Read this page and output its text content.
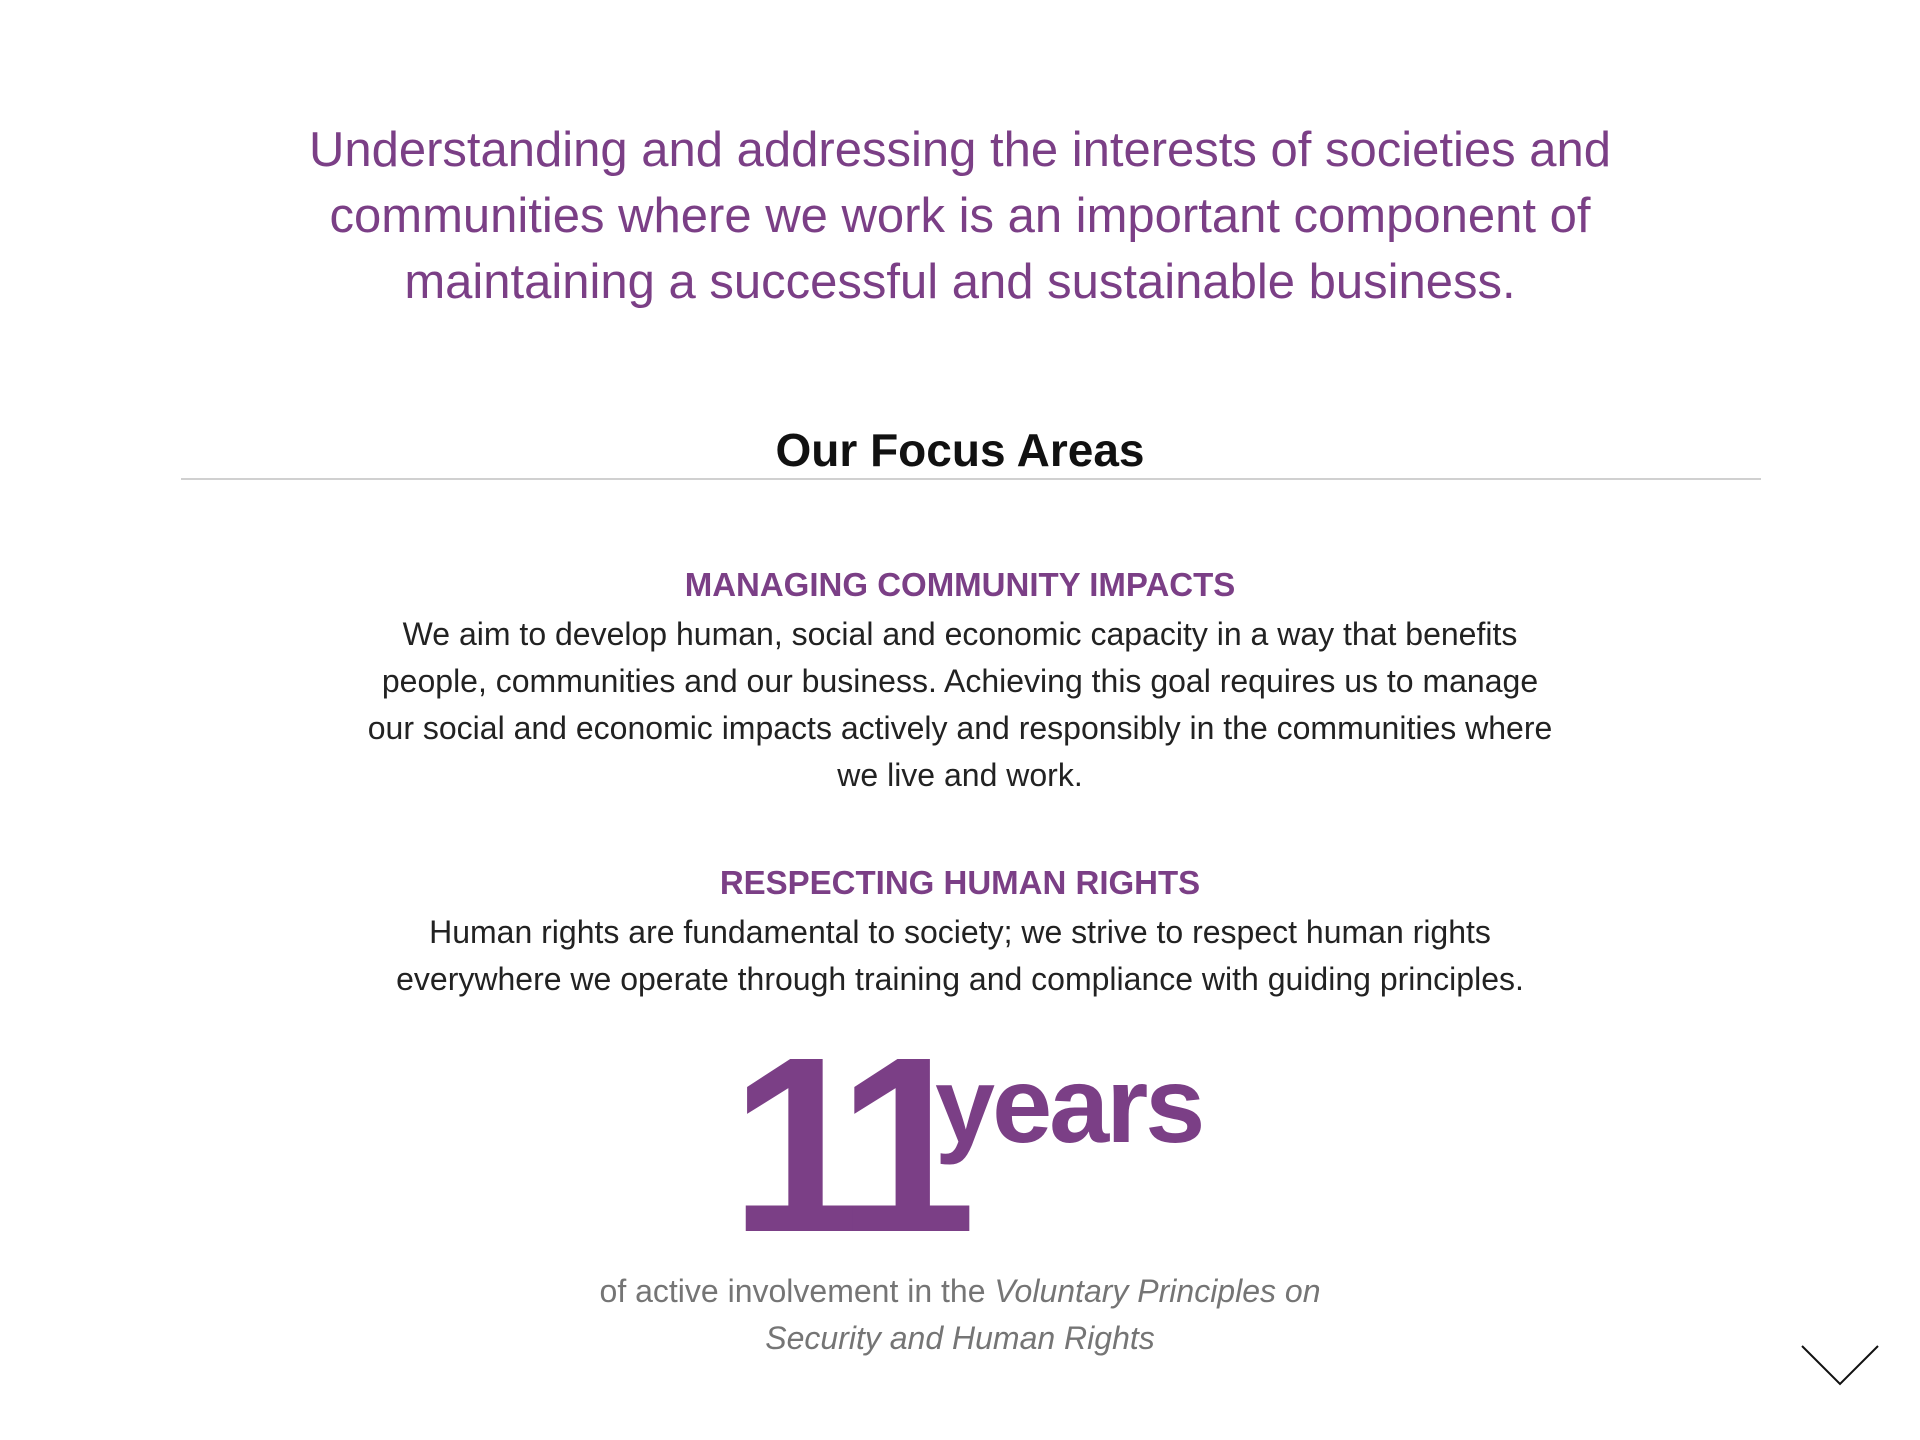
Understanding and addressing the interests of societies and communities where we work is an important component of maintaining a successful and sustainable business.

Our Focus Areas
MANAGING COMMUNITY IMPACTS

We aim to develop human, social and economic capacity in a way that benefits people, communities and our business. Achieving this goal requires us to manage our social and economic impacts actively and responsibly in the communities where we live and work.

RESPECTING HUMAN RIGHTS

Human rights are fundamental to society; we strive to respect human rights everywhere we operate through training and compliance with guiding principles.

11
years

of active involvement in the Voluntary Principles on Security and Human Rights
